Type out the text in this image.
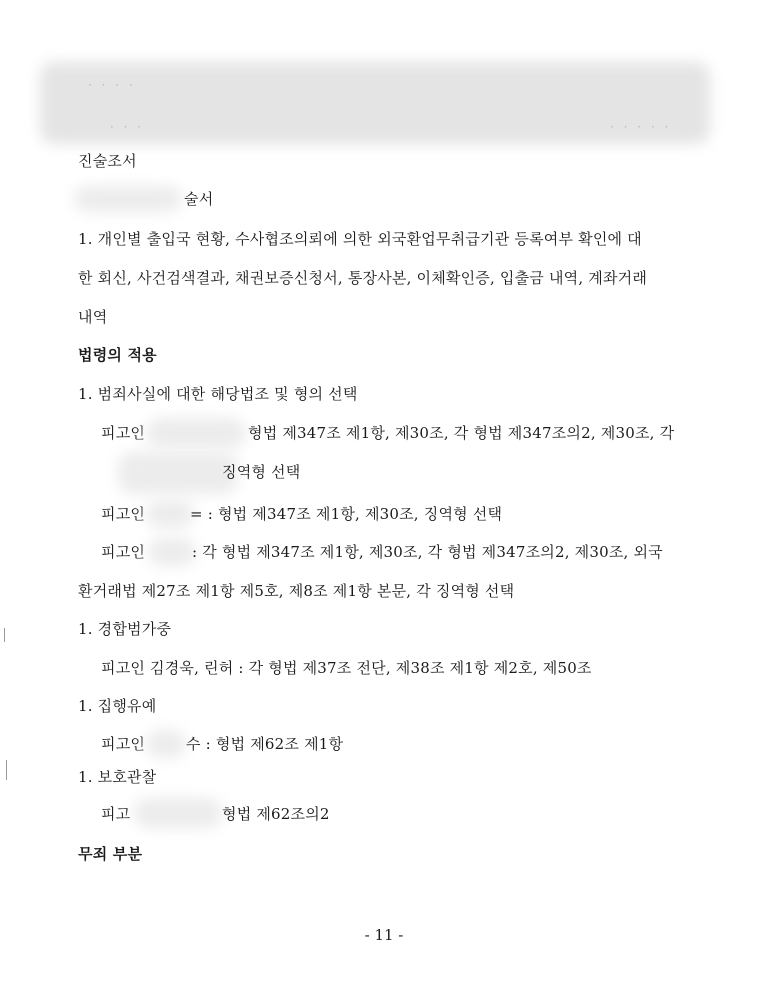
· · · ·
· · ·	· · · · ·
진술조서
술서
1. 개인별 출입국 현황, 수사협조의뢰에 의한 외국환업무취급기관 등록여부 확인에 대
한 회신, 사건검색결과, 채권보증신청서, 통장사본, 이체확인증, 입출금 내역, 계좌거래
내역
법령의 적용
1. 범죄사실에 대한 해당법조 및 형의 선택
피고인	형법 제347조 제1항, 제30조, 각 형법 제347조의2, 제30조, 각
징역형 선택
피고인	= : 형법 제347조 제1항, 제30조, 징역형 선택
피고인	: 각 형법 제347조 제1항, 제30조, 각 형법 제347조의2, 제30조, 외국
환거래법 제27조 제1항 제5호, 제8조 제1항 본문, 각 징역형 선택
1. 경합범가중
피고인 김경욱, 린허 : 각 형법 제37조 전단, 제38조 제1항 제2호, 제50조
1. 집행유예
피고인	수 : 형법 제62조 제1항
1. 보호관찰
피고	형법 제62조의2
무죄 부분
- 11 -
